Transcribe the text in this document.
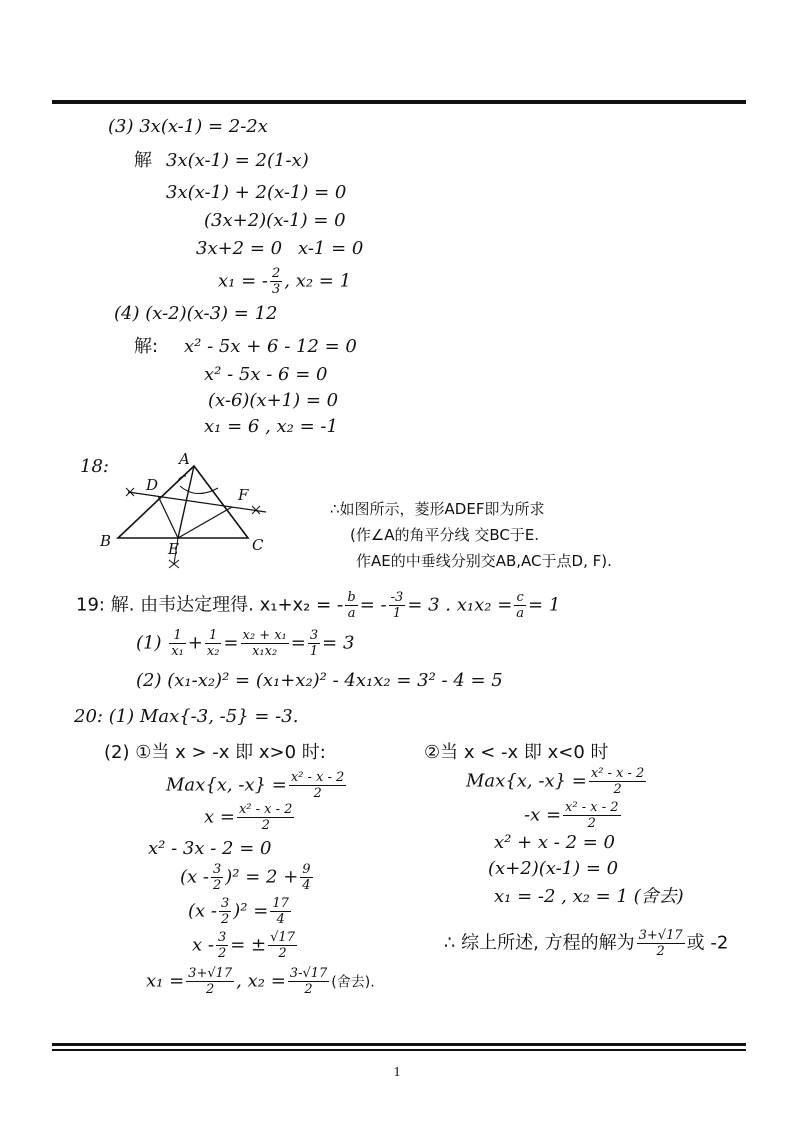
(3) 3x(x-1) = 2-2x
解 3x(x-1) = 2(1-x)
3x(x-1) + 2(x-1) = 0
(3x+2)(x-1) = 0
3x+2 = 0 x-1 = 0
x₁ = - $\frac{2}{3}$ , x₂ = 1
(4) (x-2)(x-3) = 12
解: x² - 5x + 6 - 12 = 0
x² - 5x - 6 = 0
(x-6)(x+1) = 0
x₁ = 6 , x₂ = -1
18:	A
B	C
D
E
F
∴如图所示，菱形ADEF即为所求
(作∠A的角平分线 交BC于E.
作AE的中垂线分别交AB,AC于点D, F).
19: 解. 由韦达定理得. x₁+x₂ = - $\frac{b}{a}$ = - $\frac{-3}{1} = 3$ . $x_1x_2 = \frac{c}{a} = 1$
$(1) \frac{1}{\text{x₁}} + \frac{1}{\text{x₂}} = \frac{\text{x₂ + x₁}}{\text{x₁x₂}} = \frac{3}{1} = 3$
(2) (x₁-x₂)² = (x₁+x₂)² - 4x₁x₂ = 3² - 4 = 5
20: (1) Max{-3, -5} = -3.
(2) ①当 x > -x 即 x>0 时:
Max{x, $-x\} = \frac{\text{x² - x - 2}}{2}$
$x = \frac{\text{x² - x - 2}}{2}$
x² - 3x - 2 = 0
$(x - \frac{3}{2} )^2 = 2 + \frac{9}{4}$
$(x - \frac{3}{2} )^2 = \frac{17}{4}$
x - $\frac{3}{2}$ = ± $\frac{√17}{2}$
$x_1 = \frac{3+√17}{2}$ , $x_2 = \frac{3-√17}{2}$ (舍去).
②当 x < -x 即 x<0 时
Max{x, $-x\} = \frac{\text{x² - x - 2}}{2}$
$-x = \frac{\text{x² - x - 2}}{2}$
x² + x - 2 = 0
(x+2)(x-1) = 0
x₁ = -2 , x₂ = 1 (舍去)
∴ 综上所述, 方程的解为 $\frac{3+√17}{2}$ 或 -2
1
